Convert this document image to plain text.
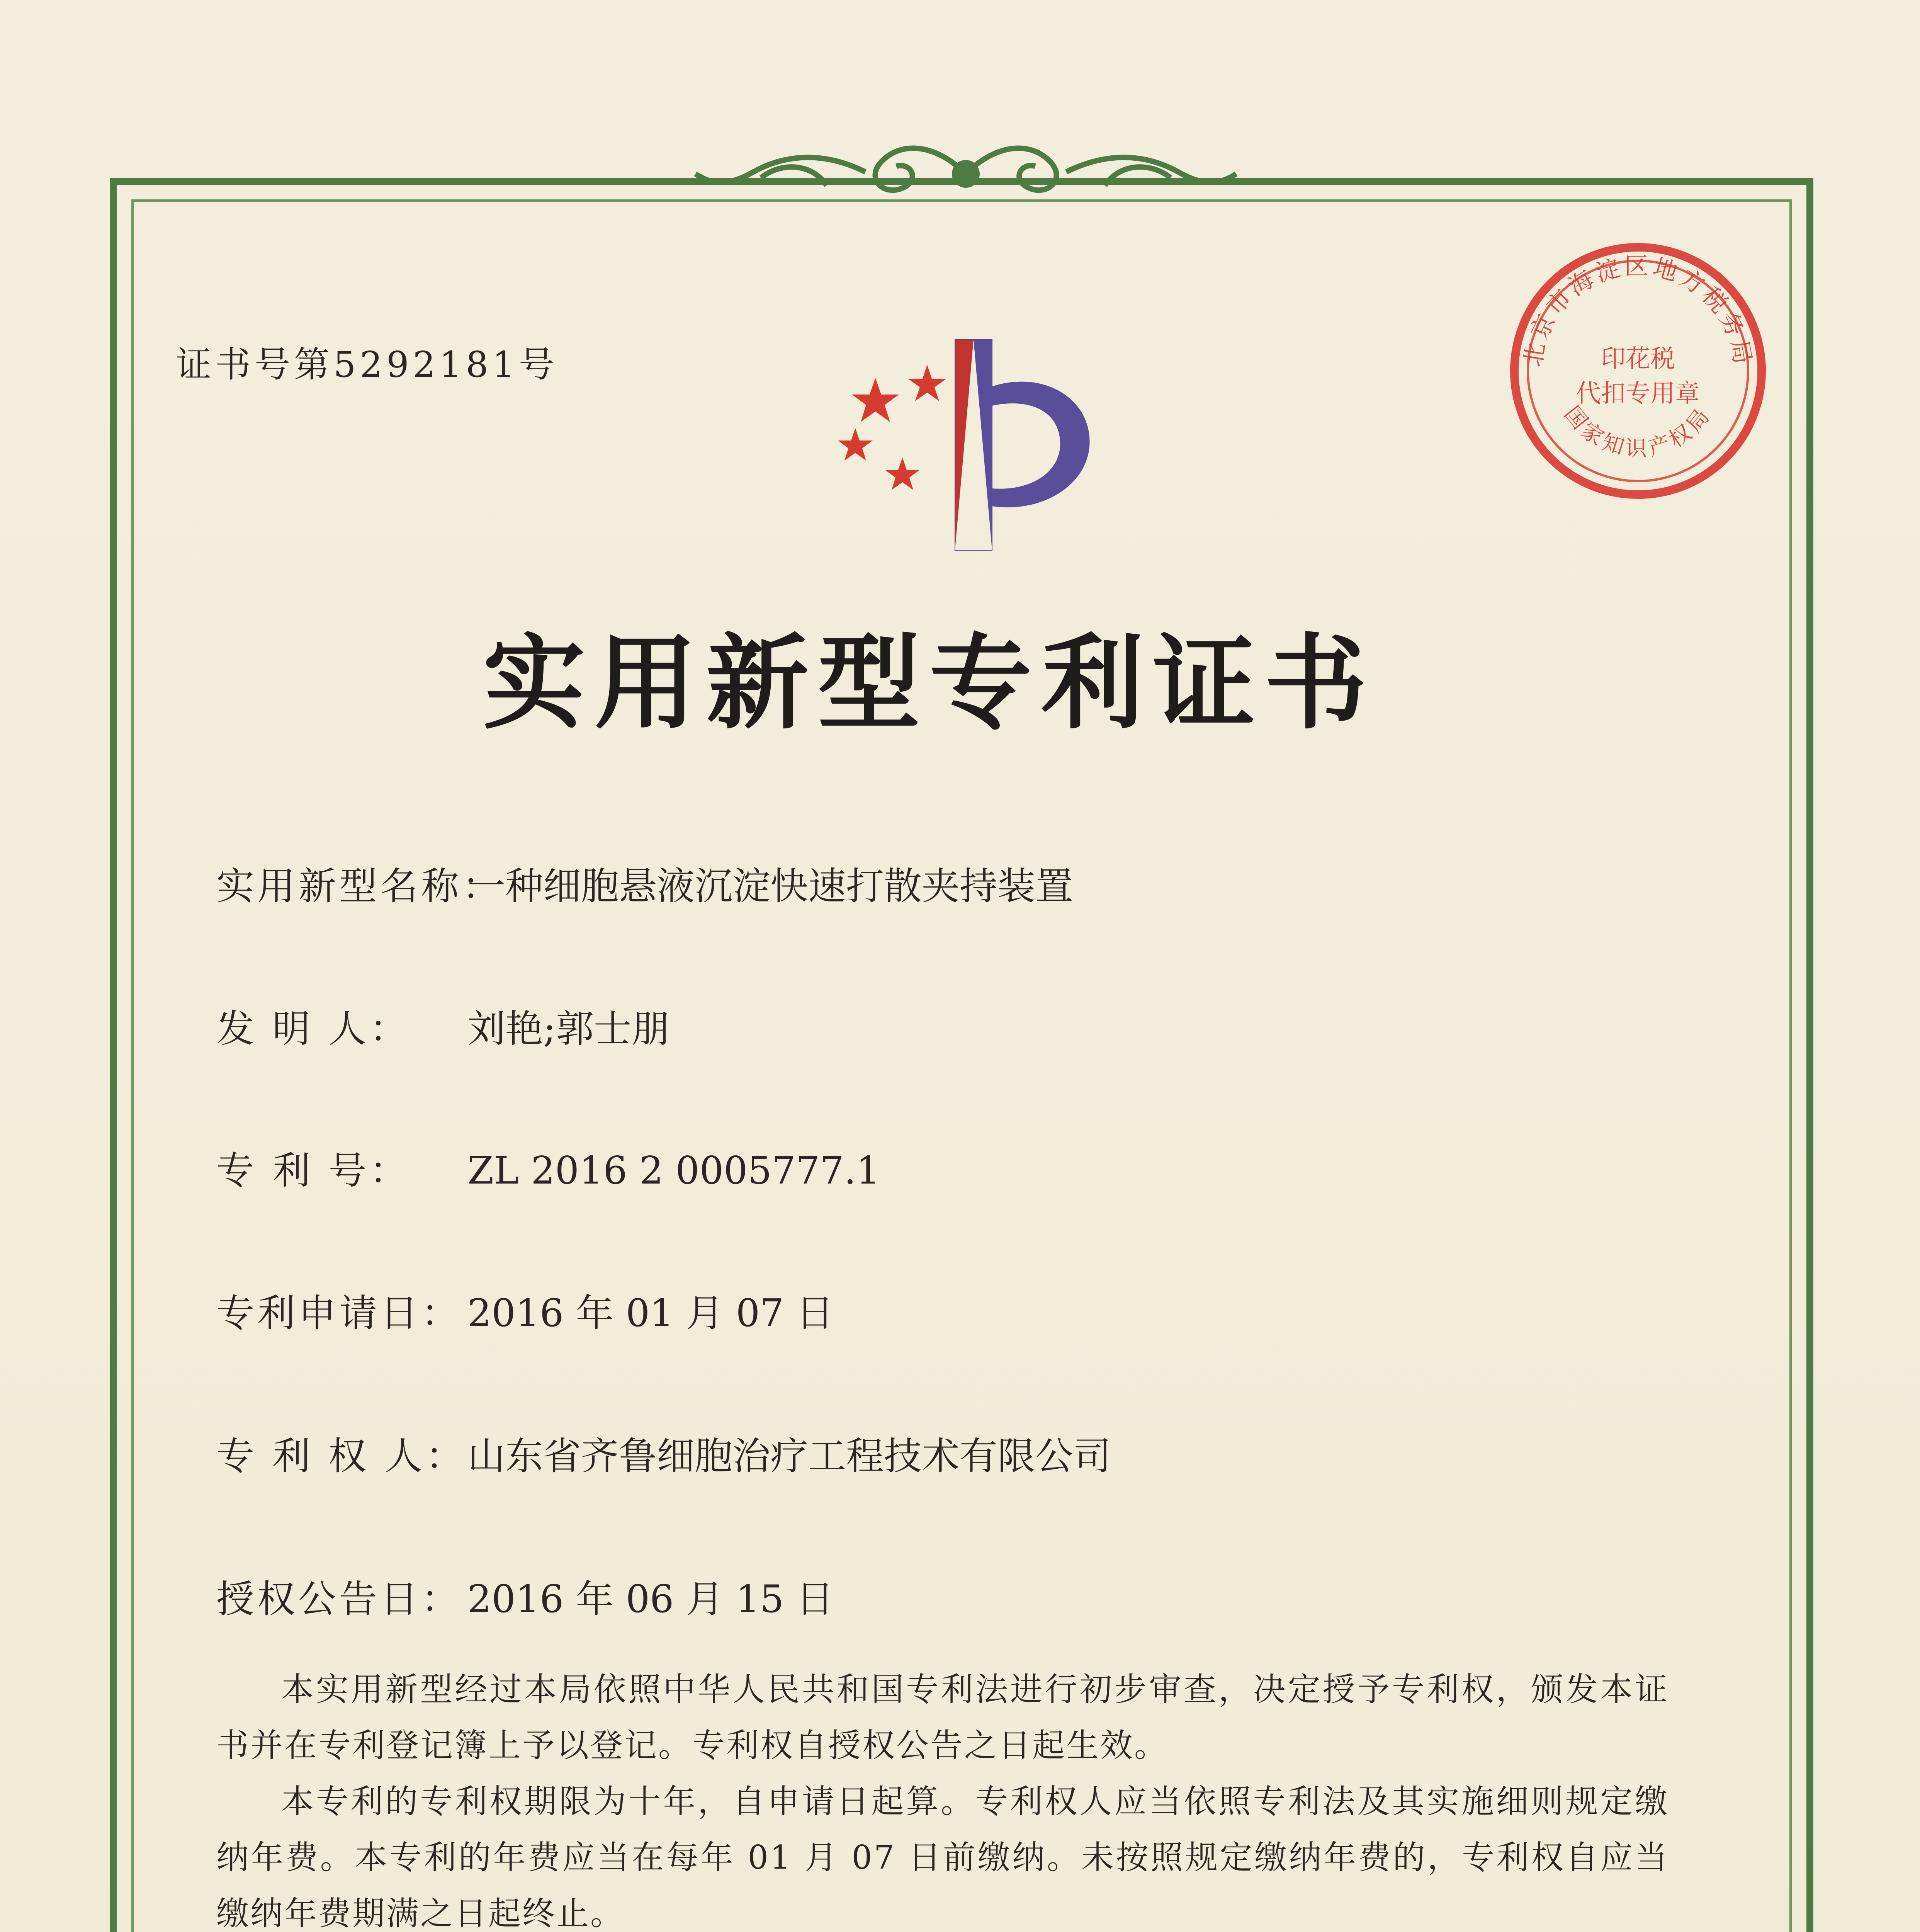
证书号第5292181号
实用新型专利证书
实用新型名称：一种细胞悬液沉淀快速打散夹持装置
发 明 人： 刘艳;郭士朋
专 利 号： ZL 2016 2 0005777.1
专利申请日： 2016 年 01 月 07 日
专 利 权 人：山东省齐鲁细胞治疗工程技术有限公司
授权公告日： 2016 年 06 月 15 日

本实用新型经过本局依照中华人民共和国专利法进行初步审查，决定授予专利权，颁发本证书并在专利登记簿上予以登记。专利权自授权公告之日起生效。

本专利的专利权期限为十年，自申请日起算。专利权人应当依照专利法及其实施细则规定缴纳年费。本专利的年费应当在每年 01 月 07 日前缴纳。未按照规定缴纳年费的，专利权自应当缴纳年费期满之日起终止。

北京市海淀区地方税务局
印花税
代扣专用章
国家知识产权局
